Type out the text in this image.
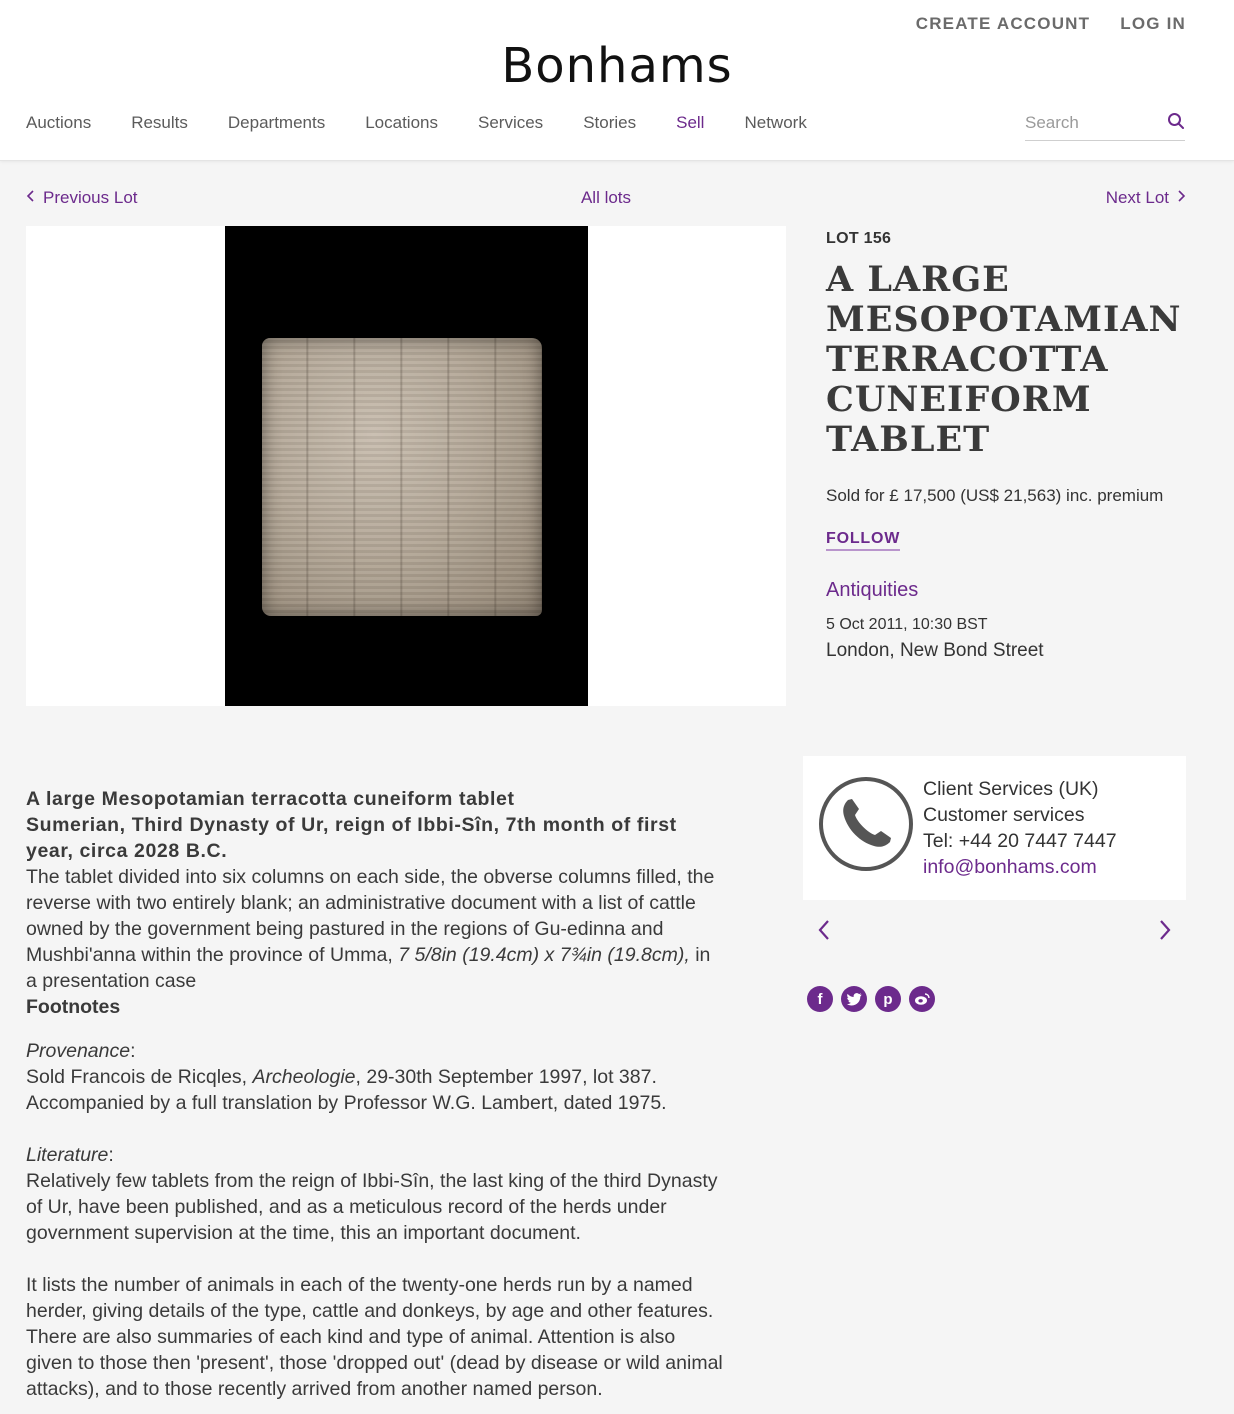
CREATE ACCOUNT LOG IN
Bonhams
Auctions Results Departments Locations Services Stories Sell Network
Search
All lots
Previous Lot	Next Lot
LOT 156
A LARGE MESOPOTAMIAN TERRACOTTA CUNEIFORM TABLET
Sold for £ 17,500 (US$ 21,563) inc. premium
FOLLOW
Antiquities
5 Oct 2011, 10:30 BST
London, New Bond Street

A large Mesopotamian terracotta cuneiform tablet

Sumerian, Third Dynasty of Ur, reign of Ibbi-Sîn, 7th month of first year, circa 2028 B.C.

The tablet divided into six columns on each side, the obverse columns filled, the reverse with two entirely blank; an administrative document with a list of cattle owned by the government being pastured in the regions of Gu-edinna and Mushbi'anna within the province of Umma, 7 5/8in (19.4cm) x 7¾in (19.8cm), in a presentation case

Footnotes

Provenance:

Sold Francois de Ricqles, Archeologie, 29-30th September 1997, lot 387.

Accompanied by a full translation by Professor W.G. Lambert, dated 1975.

Literature:

Relatively few tablets from the reign of Ibbi-Sîn, the last king of the third Dynasty of Ur, have been published, and as a meticulous record of the herds under government supervision at the time, this an important document.

It lists the number of animals in each of the twenty-one herds run by a named herder, giving details of the type, cattle and donkeys, by age and other features. There are also summaries of each kind and type of animal. Attention is also given to those then 'present', those 'dropped out' (dead by disease or wild animal attacks), and to those recently arrived from another named person.

Client Services (UK)
Customer services
Tel: +44 20 7447 7447
info@bonhams.com
f	p
